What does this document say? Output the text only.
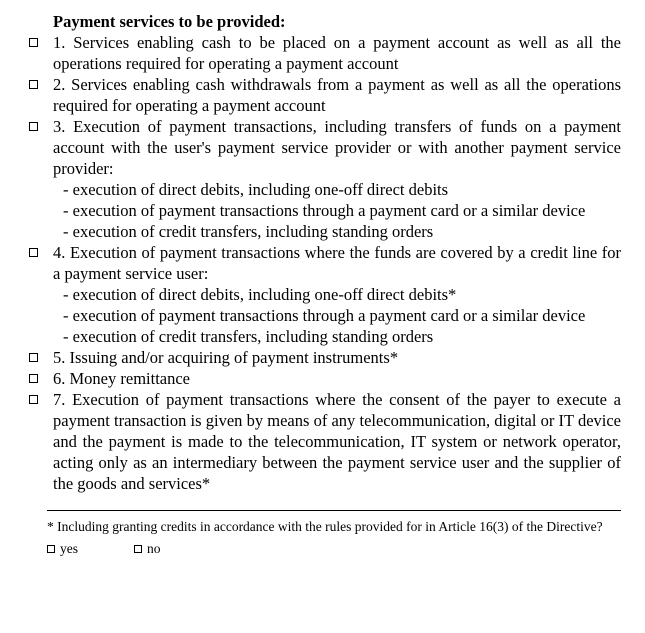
Payment services to be provided:
1. Services enabling cash to be placed on a payment account as well as all the operations required for operating a payment account
2. Services enabling cash withdrawals from a payment as well as all the operations required for operating a payment account
3. Execution of payment transactions, including transfers of funds on a payment account with the user's payment service provider or with another payment service provider:
- execution of direct debits, including one-off direct debits
- execution of payment transactions through a payment card or a similar device
- execution of credit transfers, including standing orders
4. Execution of payment transactions where the funds are covered by a credit line for a payment service user:
- execution of direct debits, including one-off direct debits*
- execution of payment transactions through a payment card or a similar device
- execution of credit transfers, including standing orders
5. Issuing and/or acquiring of payment instruments*
6. Money remittance
7. Execution of payment transactions where the consent of the payer to execute a payment transaction is given by means of any telecommunication, digital or IT device and the payment is made to the telecommunication, IT system or network operator, acting only as an intermediary between the payment service user and the supplier of the goods and services*
* Including granting credits in accordance with the rules provided for in Article 16(3) of the Directive?
yes	no
